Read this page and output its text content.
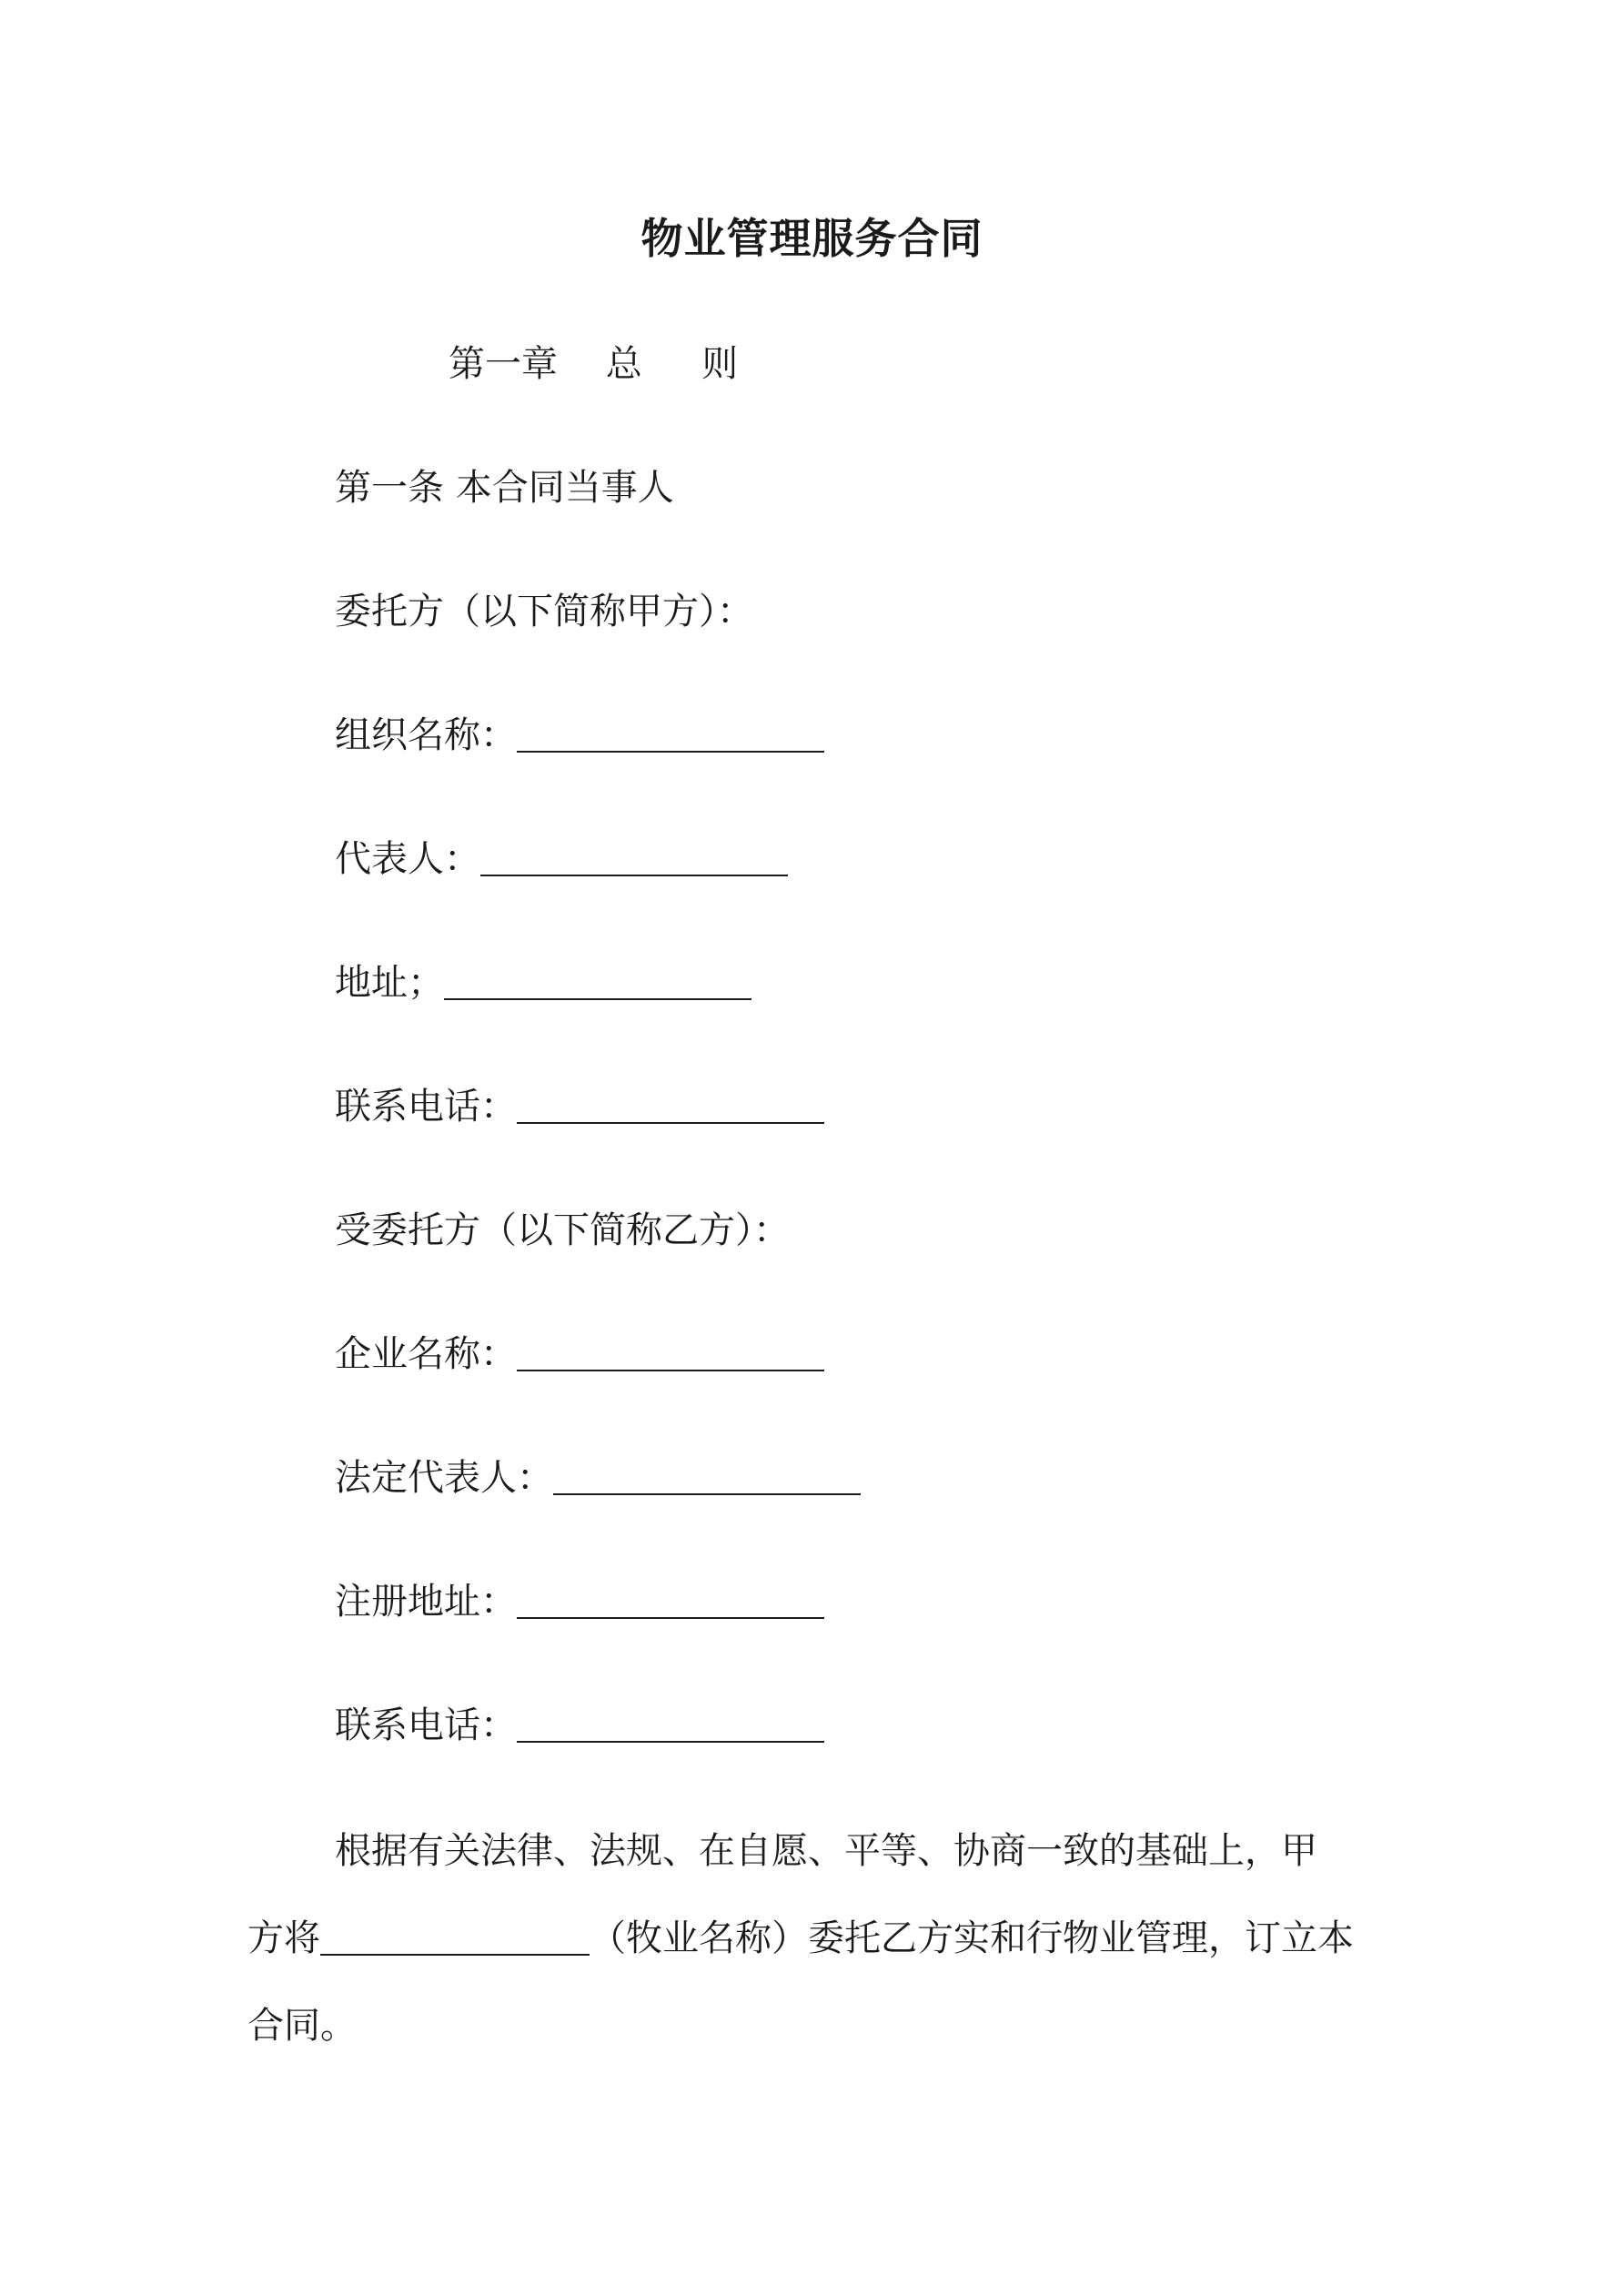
物业管理服务合同
第一章　 总 　 则
第一条 本合同当事人
委托方（以下简称甲方）：
组织名称：
代表人：
地址；
联系电话：
受委托方（以下简称乙方）：
企业名称：
法定代表人：
注册地址：
联系电话：
根据有关法律、法规、在自愿、平等、协商一致的基础上，甲
方将	（牧业名称）委托乙方实和行物业管理，订立本
合同。
